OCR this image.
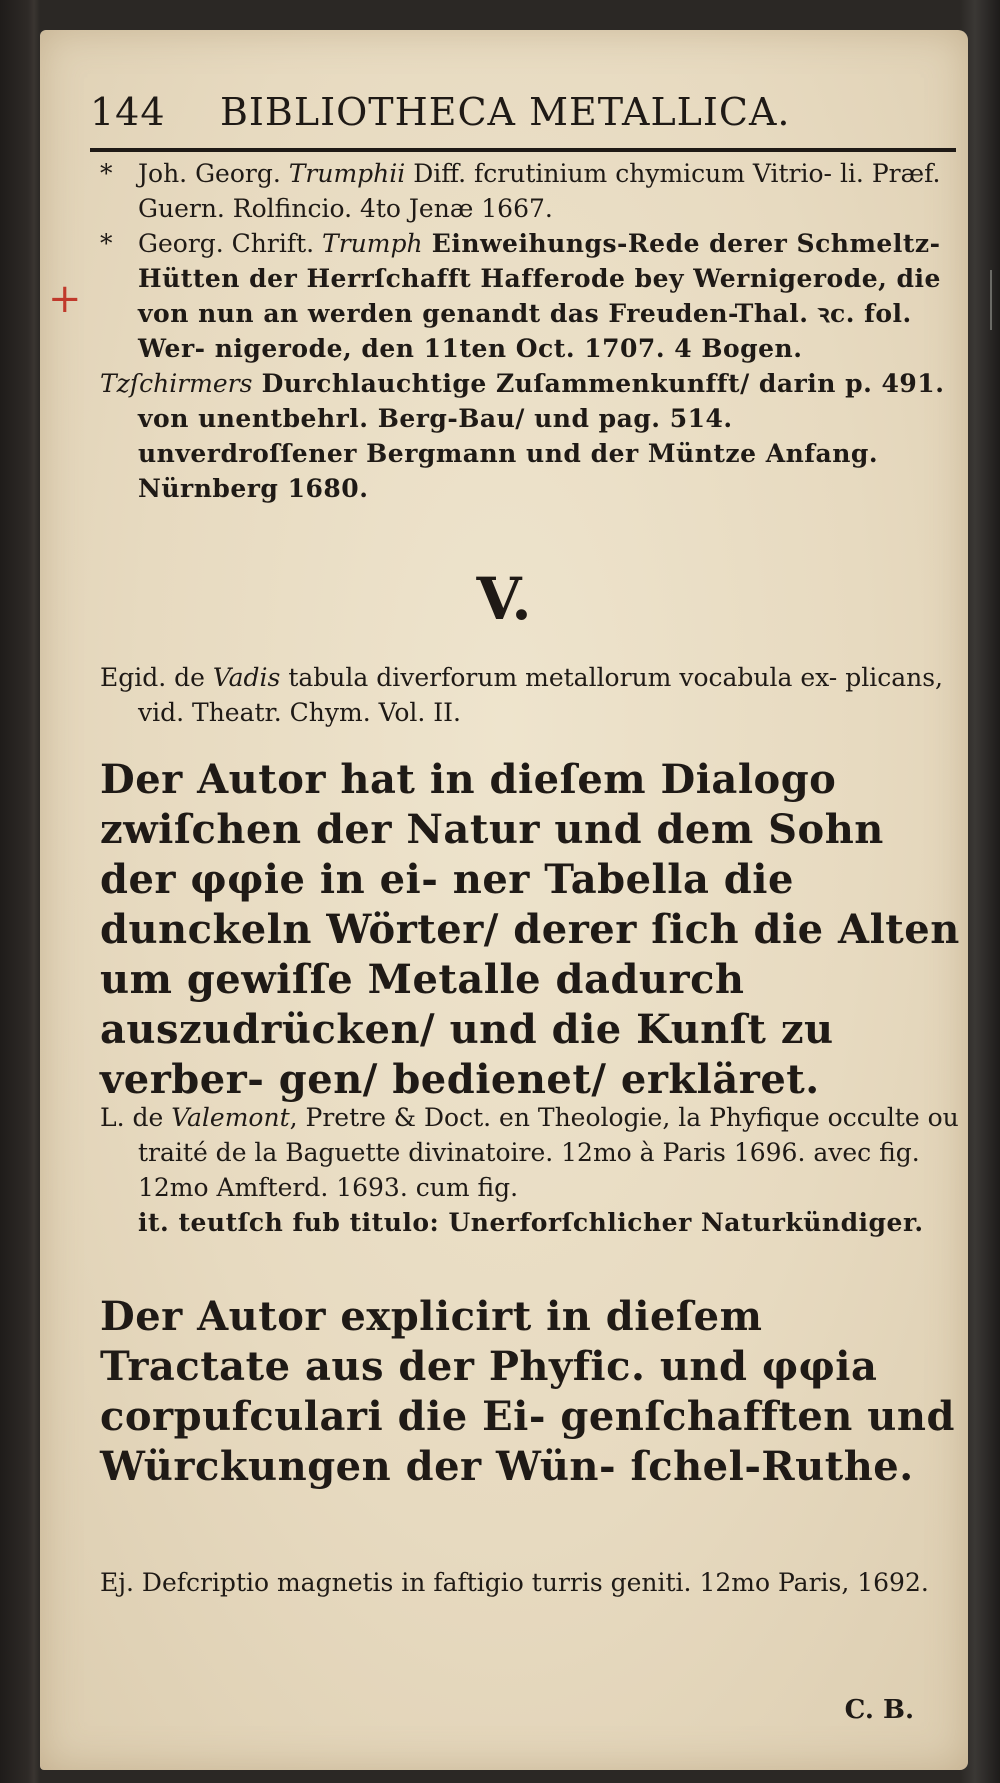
+
144 BIBLIOTHECA METALLICA.
* Joh. Georg. Trumphii Diff. fcrutinium chymicum Vitrio- li. Præf. Guern. Rolfincio. 4to Jenæ 1667.
* Georg. Chrift. Trumph Einweihungs-Rede derer Schmeltz- Hütten der Herrſchafft Hafferode bey Wernigerode, die von nun an werden genandt das Freuden-Thal. ꝛc. fol. Wer- nigerode, den 11ten Oct. 1707. 4 Bogen.
Tzſchirmers Durchlauchtige Zuſammenkunfft/ darin p. 491. von unentbehrl. Berg-Bau/ und pag. 514. unverdroſſener Bergmann und der Müntze Anfang. Nürnberg 1680.
V.
Egid. de Vadis tabula diverforum metallorum vocabula ex- plicans, vid. Theatr. Chym. Vol. II.
Der Autor hat in dieſem Dialogo zwiſchen der Natur und dem Sohn der φφie in ei- ner Tabella die dunckeln Wörter/ derer ſich die Alten um gewiſſe Metalle dadurch auszudrücken/ und die Kunſt zu verber- gen/ bedienet/ erkläret.
L. de Valemont, Pretre & Doct. en Theologie, la Phyfique occulte ou traité de la Baguette divinatoire. 12mo à Paris 1696. avec fig.
12mo Amfterd. 1693. cum fig.
it. teutſch fub titulo: Unerforſchlicher Naturkündiger.
Der Autor explicirt in dieſem Tractate aus der Phyfic. und φφia corpufculari die Ei- genſchafften und Würckungen der Wün- ſchel-Ruthe.
Ej. Defcriptio magnetis in faftigio turris geniti. 12mo Paris, 1692.
C. B.
